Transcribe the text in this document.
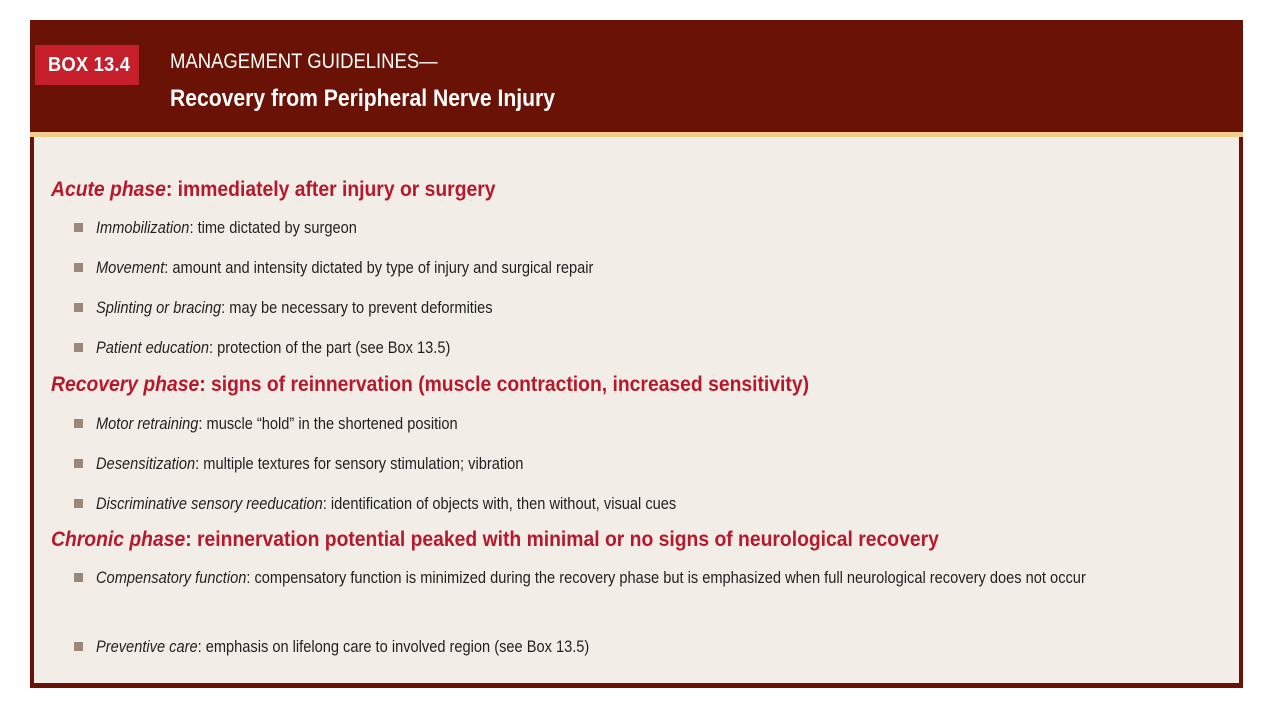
BOX 13.4	MANAGEMENT GUIDELINES—
Recovery from Peripheral Nerve Injury
Acute phase: immediately after injury or surgery
Immobilization: time dictated by surgeon
Movement: amount and intensity dictated by type of injury and surgical repair
Splinting or bracing: may be necessary to prevent deformities
Patient education: protection of the part (see Box 13.5)
Recovery phase: signs of reinnervation (muscle contraction, increased sensitivity)
Motor retraining: muscle “hold” in the shortened position
Desensitization: multiple textures for sensory stimulation; vibration
Discriminative sensory reeducation: identification of objects with, then without, visual cues
Chronic phase: reinnervation potential peaked with minimal or no signs of neurological recovery
Compensatory function: compensatory function is minimized during the recovery phase but is emphasized when full neurological recovery does not occur
Preventive care: emphasis on lifelong care to involved region (see Box 13.5)
